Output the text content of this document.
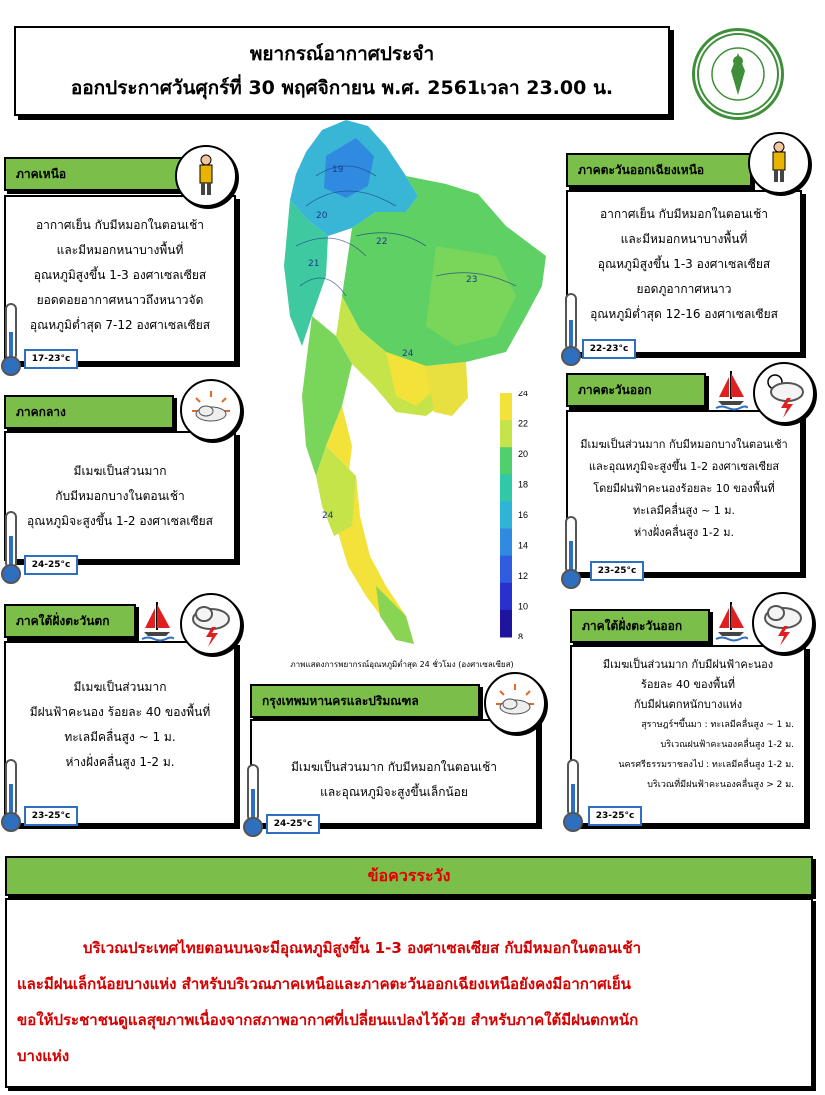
พยากรณ์อากาศประจำ
ออกประกาศวันศุกร์ที่ 30 พฤศจิกายน พ.ศ. 2561เวลา 23.00 น.
อากาศเย็น กับมีหมอกในตอนเช้า
และมีหมอกหนาบางพื้นที่
อุณหภูมิสูงขึ้น 1-3 องศาเซลเซียส
ยอดดอยอากาศหนาวถึงหนาวจัด
อุณหภูมิต่ำสุด 7-12 องศาเซลเซียส
ภาคเหนือ
17-23°c
มีเมฆเป็นส่วนมาก
กับมีหมอกบางในตอนเช้า
อุณหภูมิจะสูงขึ้น 1-2 องศาเซลเซียส
ภาคกลาง
24-25°c
มีเมฆเป็นส่วนมาก
มีฝนฟ้าคะนอง ร้อยละ 40 ของพื้นที่
ทะเลมีคลื่นสูง ~ 1 ม.
ห่างฝั่งคลื่นสูง 1-2 ม.
ภาคใต้ฝั่งตะวันตก
23-25°c
อากาศเย็น กับมีหมอกในตอนเช้า
และมีหมอกหนาบางพื้นที่
อุณหภูมิสูงขึ้น 1-3 องศาเซลเซียส
ยอดภูอากาศหนาว
อุณหภูมิต่ำสุด 12-16 องศาเซลเซียส
ภาคตะวันออกเฉียงเหนือ
22-23°c
มีเมฆเป็นส่วนมาก กับมีหมอกบางในตอนเช้า
และอุณหภูมิจะสูงขึ้น 1-2 องศาเซลเซียส
โดยมีฝนฟ้าคะนองร้อยละ 10 ของพื้นที่
ทะเลมีคลื่นสูง ~ 1 ม.
ห่างฝั่งคลื่นสูง 1-2 ม.
ภาคตะวันออก
23-25°c
มีเมฆเป็นส่วนมาก กับมีฝนฟ้าคะนอง
ร้อยละ 40 ของพื้นที่
กับมีฝนตกหนักบางแห่ง
สุราษฎร์ฯขึ้นมา : ทะเลมีคลื่นสูง ~ 1 ม.
บริเวณฝนฟ้าคะนองคลื่นสูง 1-2 ม.
นครศรีธรรมราชลงไป : ทะเลมีคลื่นสูง 1-2 ม.
บริเวณที่มีฝนฟ้าคะนองคลื่นสูง > 2 ม.
ภาคใต้ฝั่งตะวันออก
23-25°c
มีเมฆเป็นส่วนมาก กับมีหมอกในตอนเช้า
และอุณหภูมิจะสูงขึ้นเล็กน้อย
กรุงเทพมหานครและปริมณฑล
24-25°c
19
20
21
22
23
24
24
24
22
20
18
16
14
12
10
8
ภาพแสดงการพยากรณ์อุณหภูมิต่ำสุด 24 ชั่วโมง (องศาเซลเซียส)
ข้อควรระวัง
บริเวณประเทศไทยตอนบนจะมีอุณหภูมิสูงขึ้น 1-3 องศาเซลเซียส กับมีหมอกในตอนเช้า
และมีฝนเล็กน้อยบางแห่ง สำหรับบริเวณภาคเหนือและภาคตะวันออกเฉียงเหนือยังคงมีอากาศเย็น
ขอให้ประชาชนดูแลสุขภาพเนื่องจากสภาพอากาศที่เปลี่ยนแปลงไว้ด้วย สำหรับภาคใต้มีฝนตกหนัก
บางแห่ง
